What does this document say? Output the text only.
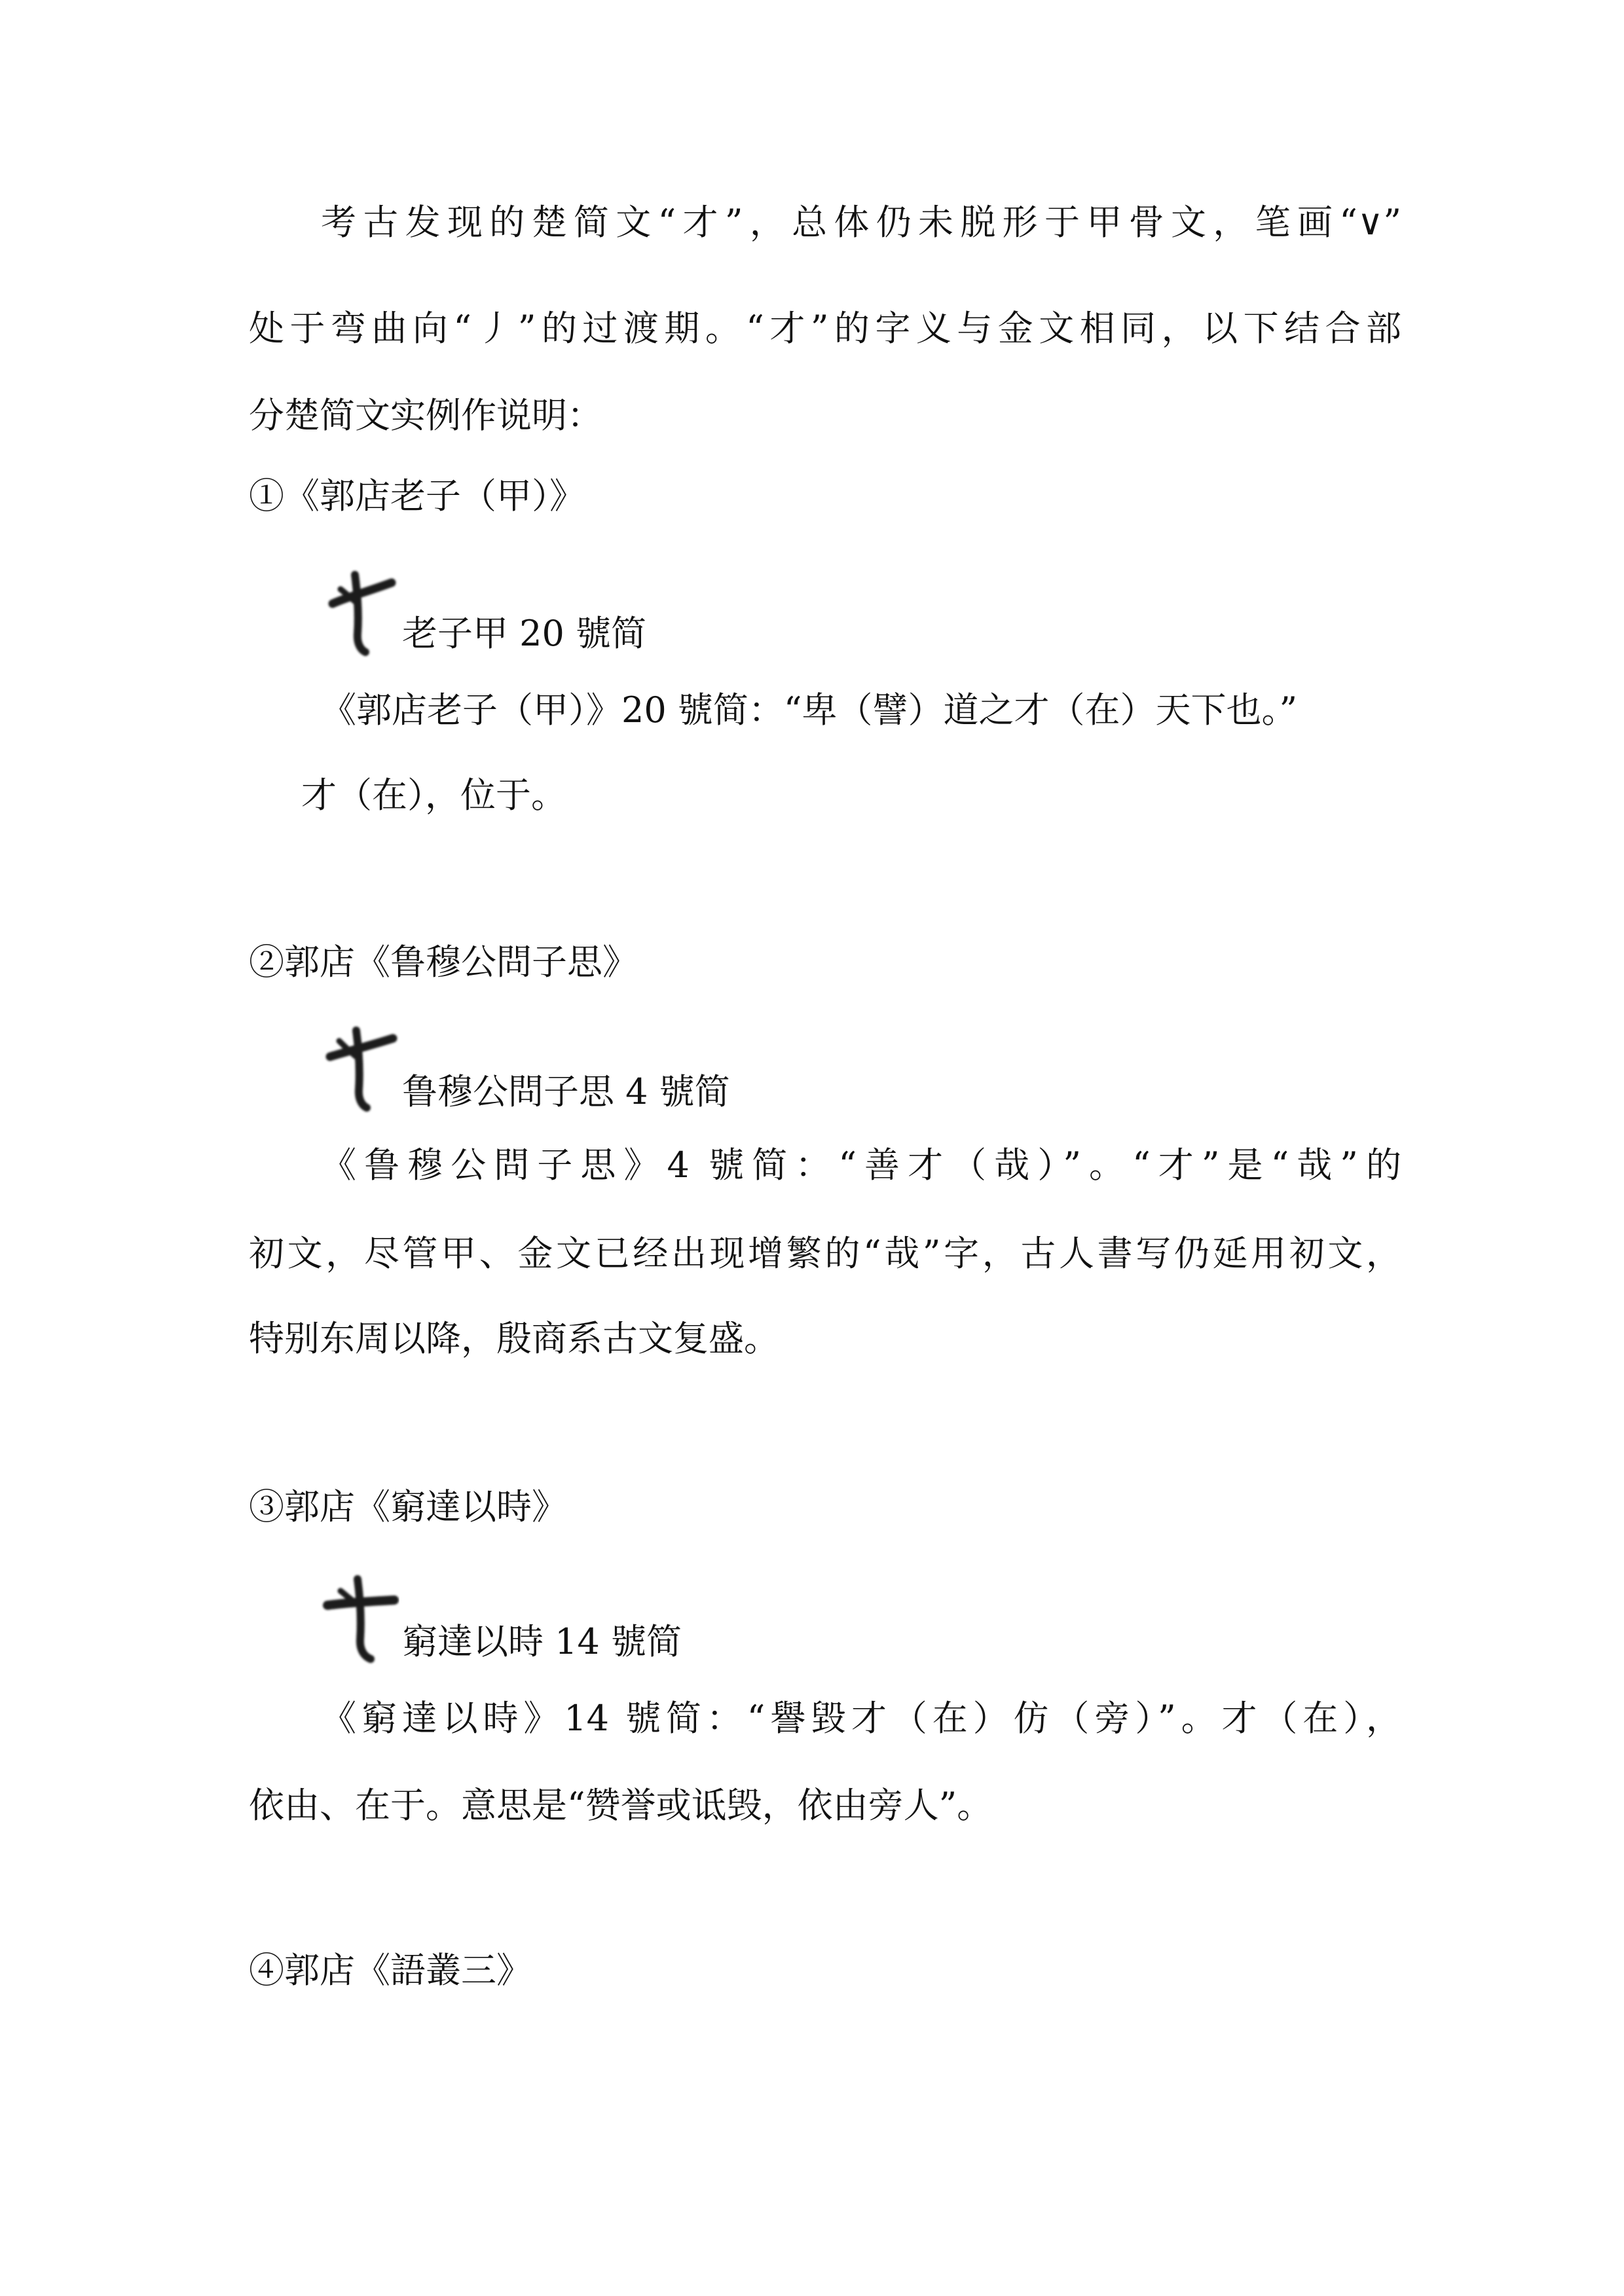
考古发现的楚简文“才”，总体仍未脱形于甲骨文，笔画“∨”
处于弯曲向“丿”的过渡期。“才”的字义与金文相同，以下结合部
分楚简文实例作说明：
①《郭店老子（甲）》
老子甲 20 號简
《郭店老子（甲）》20 號简：“卑（譬）道之才（在）天下也。”
才（在），位于。
②郭店《鲁穆公問子思》
鲁穆公問子思 4 號简
《鲁穆公問子思》4 號简：“善才（哉）”。“才”是“哉”的
初文，尽管甲、金文已经出现增繁的“哉”字，古人書写仍延用初文，
特别东周以降，殷商系古文复盛。
③郭店《窮達以時》
窮達以時 14 號简
《窮達以時》14 號简：“譽毀才（在）仿（旁）”。才（在），
依由、在于。意思是“赞誉或诋毁，依由旁人”。
④郭店《語叢三》
